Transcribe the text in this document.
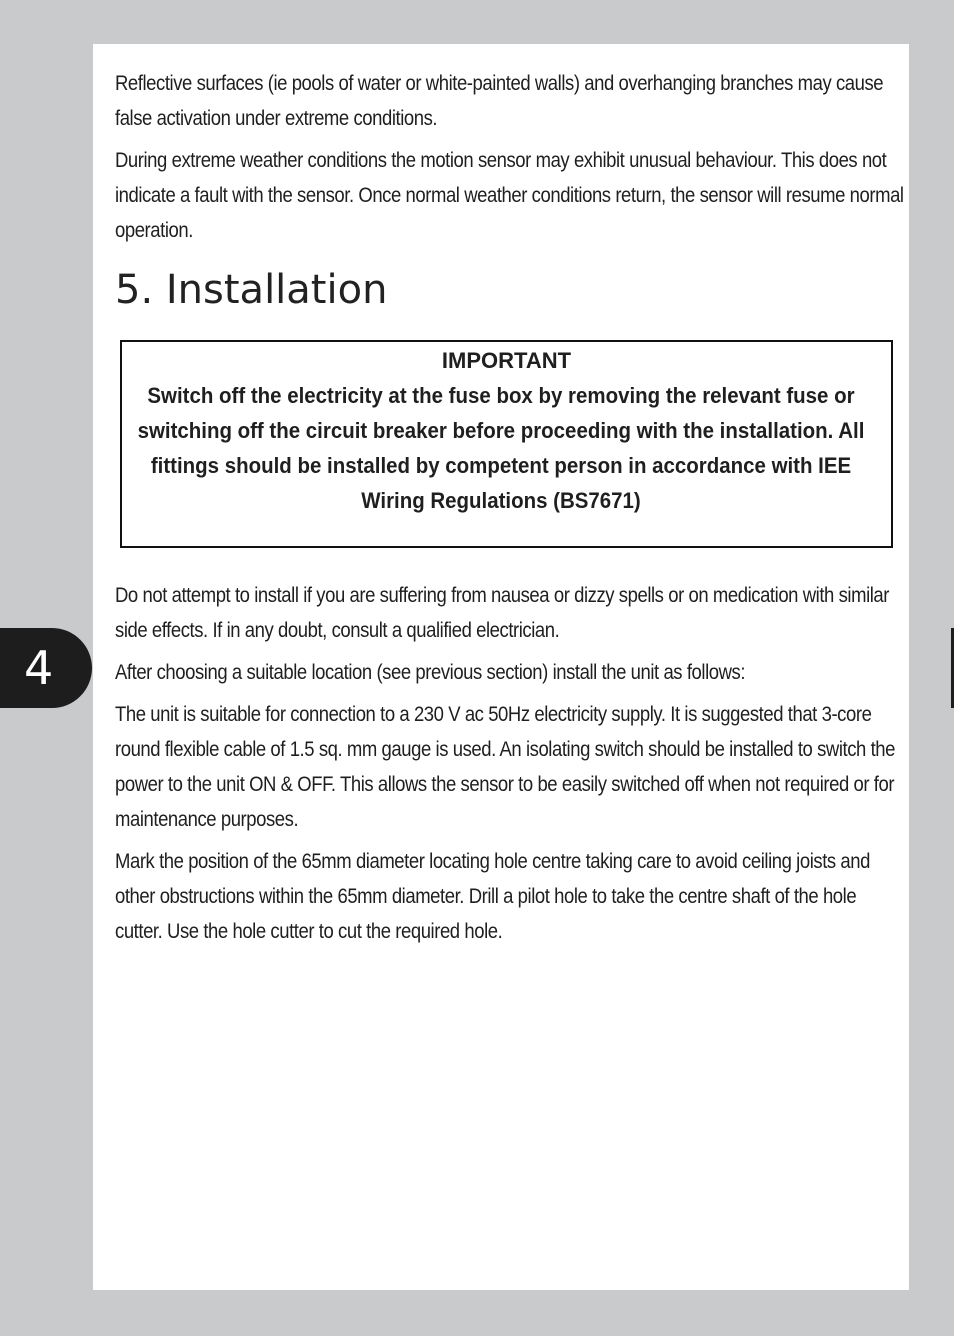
Reflective surfaces (ie pools of water or white-painted walls) and overhanging branches may cause false activation under extreme conditions.

During extreme weather conditions the motion sensor may exhibit unusual behaviour. This does not indicate a fault with the sensor. Once normal weather conditions return, the sensor will resume normal operation.

5. Installation
IMPORTANT
Switch off the electricity at the fuse box by removing the relevant fuse or switching off the circuit breaker before proceeding with the installation. All fittings should be installed by competent person in accordance with IEE Wiring Regulations (BS7671)

Do not attempt to install if you are suffering from nausea or dizzy spells or on medication with similar side effects. If in any doubt, consult a qualified electrician.

After choosing a suitable location (see previous section) install the unit as follows:

The unit is suitable for connection to a 230 V ac 50Hz electricity supply. It is suggested that 3-core round flexible cable of 1.5 sq. mm gauge is used. An isolating switch should be installed to switch the power to the unit ON & OFF. This allows the sensor to be easily switched off when not required or for maintenance purposes.

Mark the position of the 65mm diameter locating hole centre taking care to avoid ceiling joists and other obstructions within the 65mm diameter. Drill a pilot hole to take the centre shaft of the hole cutter. Use the hole cutter to cut the required hole.

4
